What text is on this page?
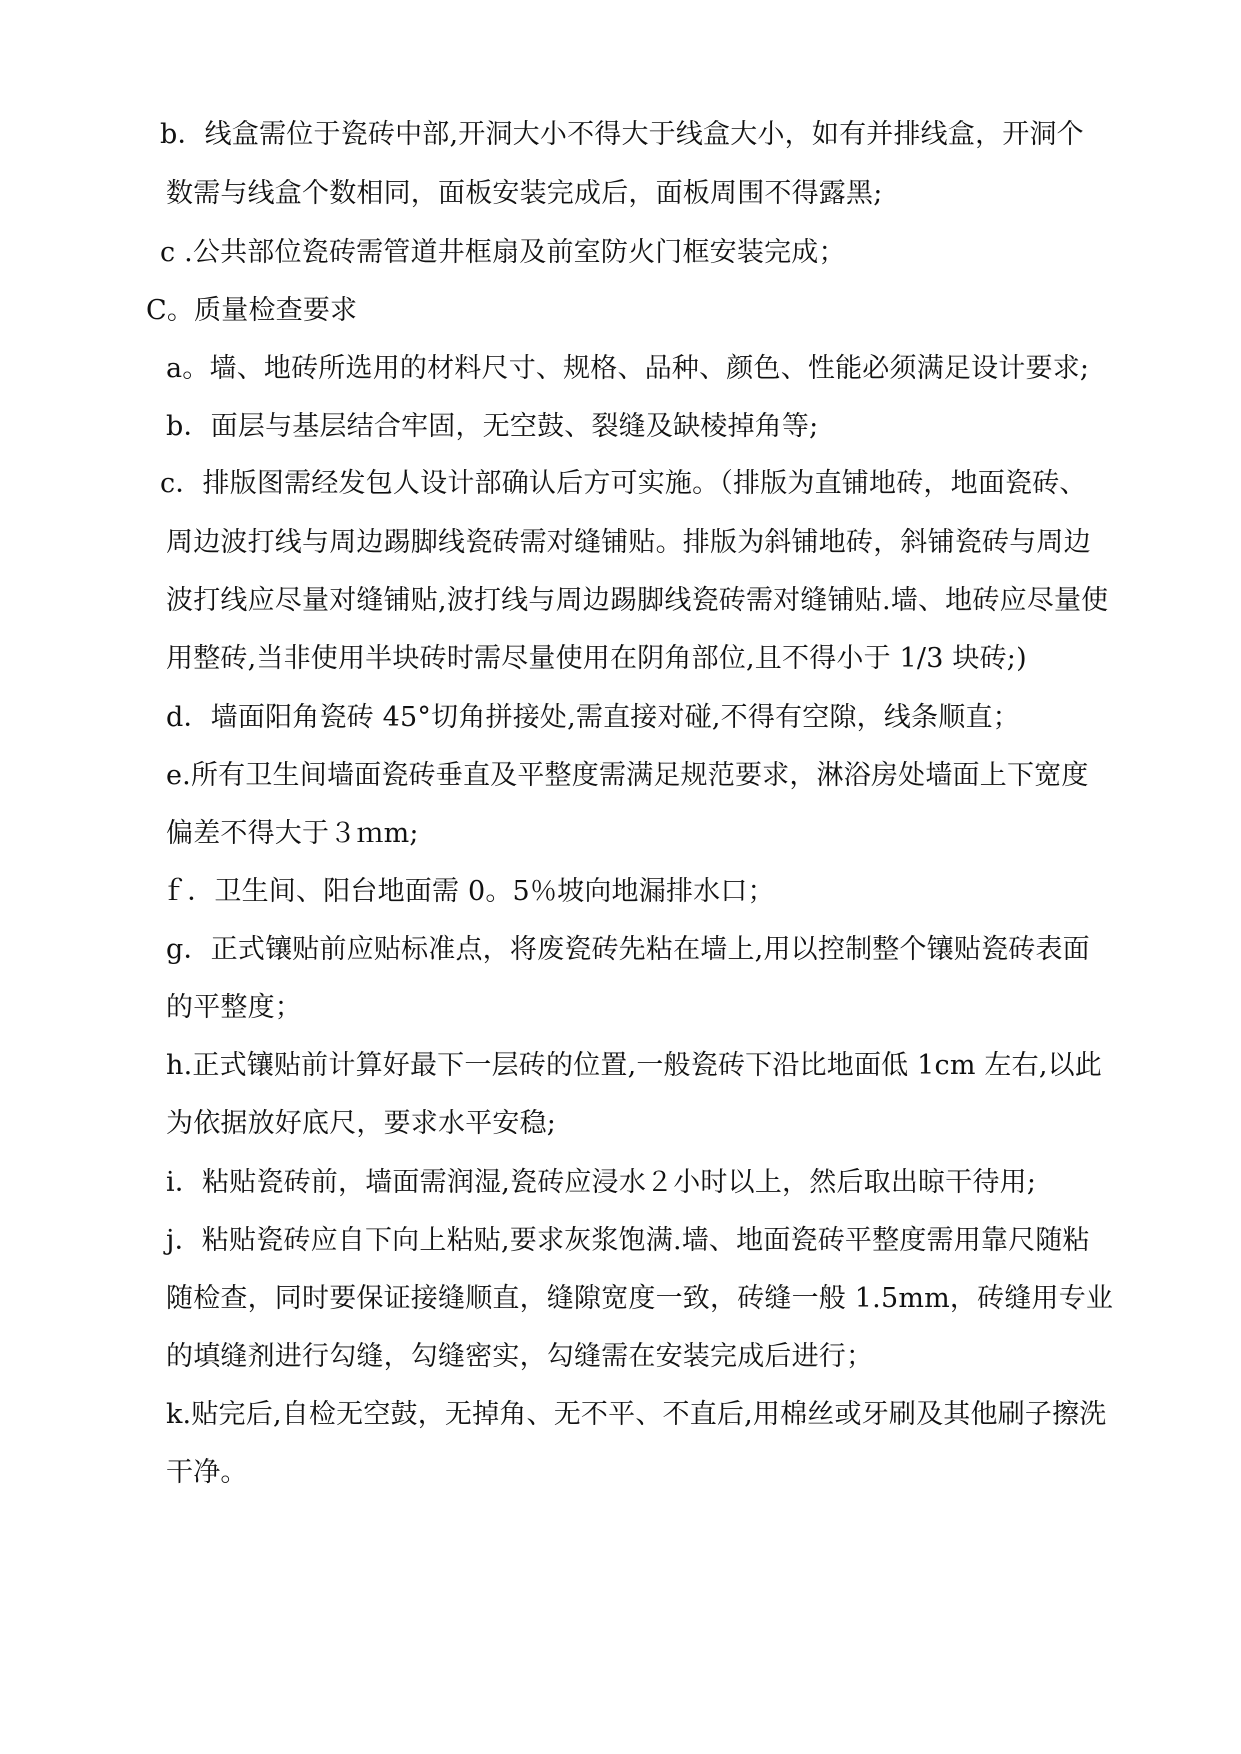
b．线盒需位于瓷砖中部,开洞大小不得大于线盒大小，如有并排线盒，开洞个
数需与线盒个数相同，面板安装完成后，面板周围不得露黑;
c .公共部位瓷砖需管道井框扇及前室防火门框安装完成；
C。质量检查要求
a。墙、地砖所选用的材料尺寸、规格、品种、颜色、性能必须满足设计要求;
b．面层与基层结合牢固，无空鼓、裂缝及缺棱掉角等;
c．排版图需经发包人设计部确认后方可实施。（排版为直铺地砖，地面瓷砖、
周边波打线与周边踢脚线瓷砖需对缝铺贴。排版为斜铺地砖，斜铺瓷砖与周边
波打线应尽量对缝铺贴,波打线与周边踢脚线瓷砖需对缝铺贴.墙、地砖应尽量使
用整砖,当非使用半块砖时需尽量使用在阴角部位,且不得小于 1/3 块砖;)
d．墙面阳角瓷砖 45°切角拼接处,需直接对碰,不得有空隙，线条顺直；
e.所有卫生间墙面瓷砖垂直及平整度需满足规范要求，淋浴房处墙面上下宽度
偏差不得大于３ｍm;
ｆ．卫生间、阳台地面需 0。5％坡向地漏排水口；
g．正式镶贴前应贴标准点，将废瓷砖先粘在墙上,用以控制整个镶贴瓷砖表面
的平整度；
h.正式镶贴前计算好最下一层砖的位置,一般瓷砖下沿比地面低 1cm 左右,以此
为依据放好底尺，要求水平安稳;
i．粘贴瓷砖前，墙面需润湿,瓷砖应浸水２小时以上，然后取出晾干待用;
j．粘贴瓷砖应自下向上粘贴,要求灰浆饱满.墙、地面瓷砖平整度需用靠尺随粘
随检查，同时要保证接缝顺直，缝隙宽度一致，砖缝一般 1.5mm，砖缝用专业
的填缝剂进行勾缝，勾缝密实，勾缝需在安装完成后进行；
k.贴完后,自检无空鼓，无掉角、无不平、不直后,用棉丝或牙刷及其他刷子擦洗
干净。
